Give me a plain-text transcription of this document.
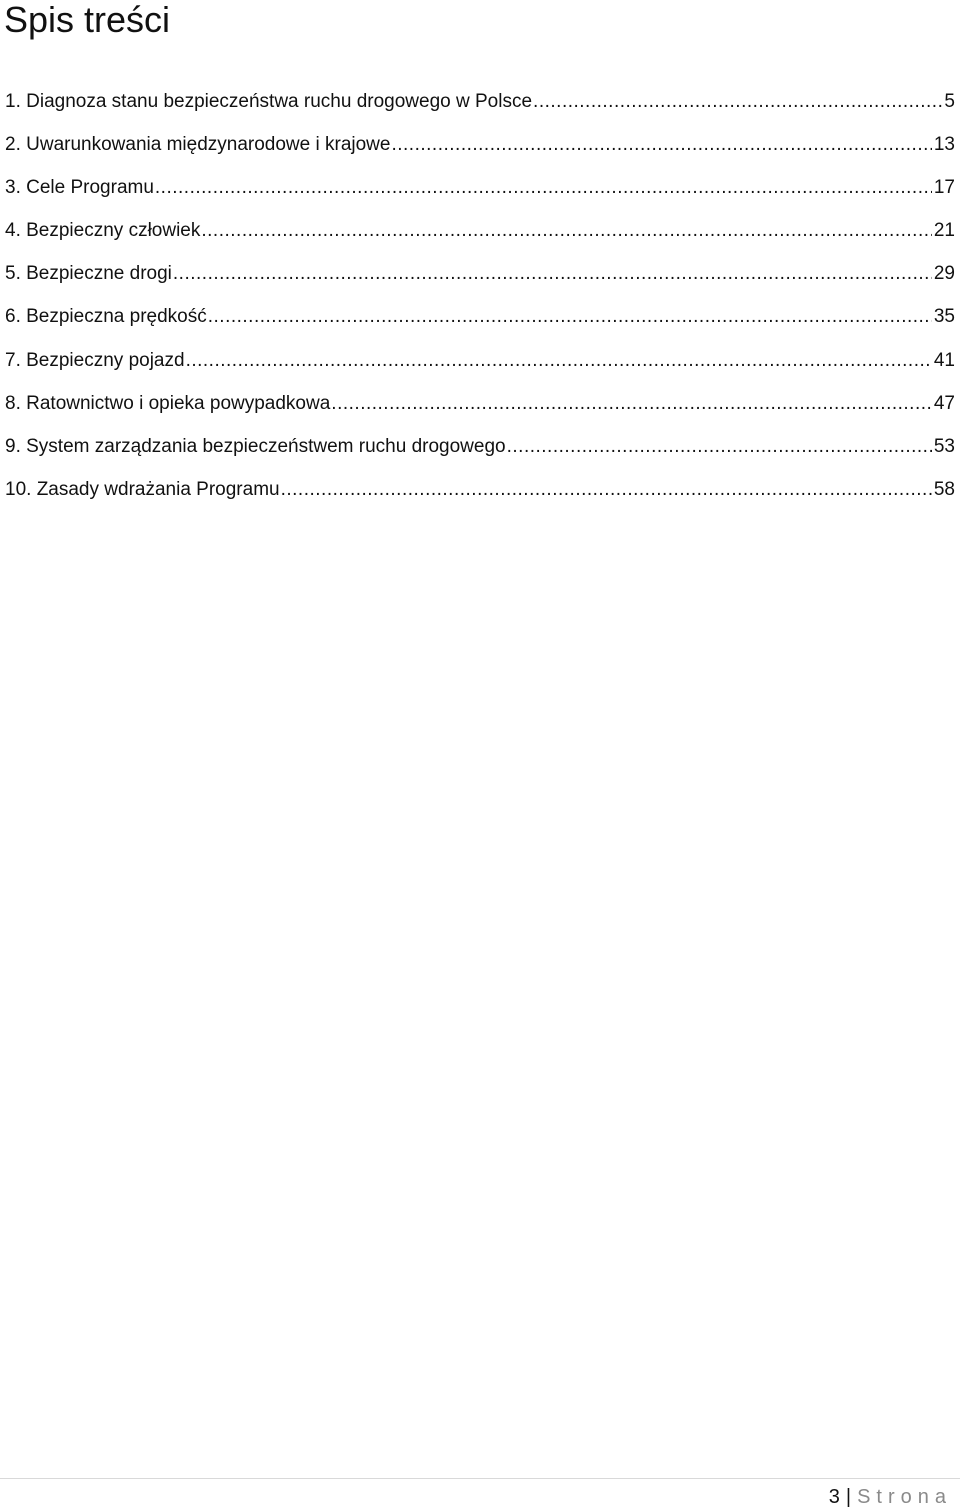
Spis treści
1. Diagnoza stanu bezpieczeństwa ruchu drogowego w Polsce .....	5
2. Uwarunkowania międzynarodowe i krajowe .....	13
3. Cele Programu .....	17
4. Bezpieczny człowiek .....	21
5. Bezpieczne drogi .....	29
6. Bezpieczna prędkość .....	35
7. Bezpieczny pojazd .....	41
8. Ratownictwo i opieka powypadkowa .....	47
9. System zarządzania bezpieczeństwem ruchu drogowego .....	53
10. Zasady wdrażania Programu .....	58
3 | Strona
